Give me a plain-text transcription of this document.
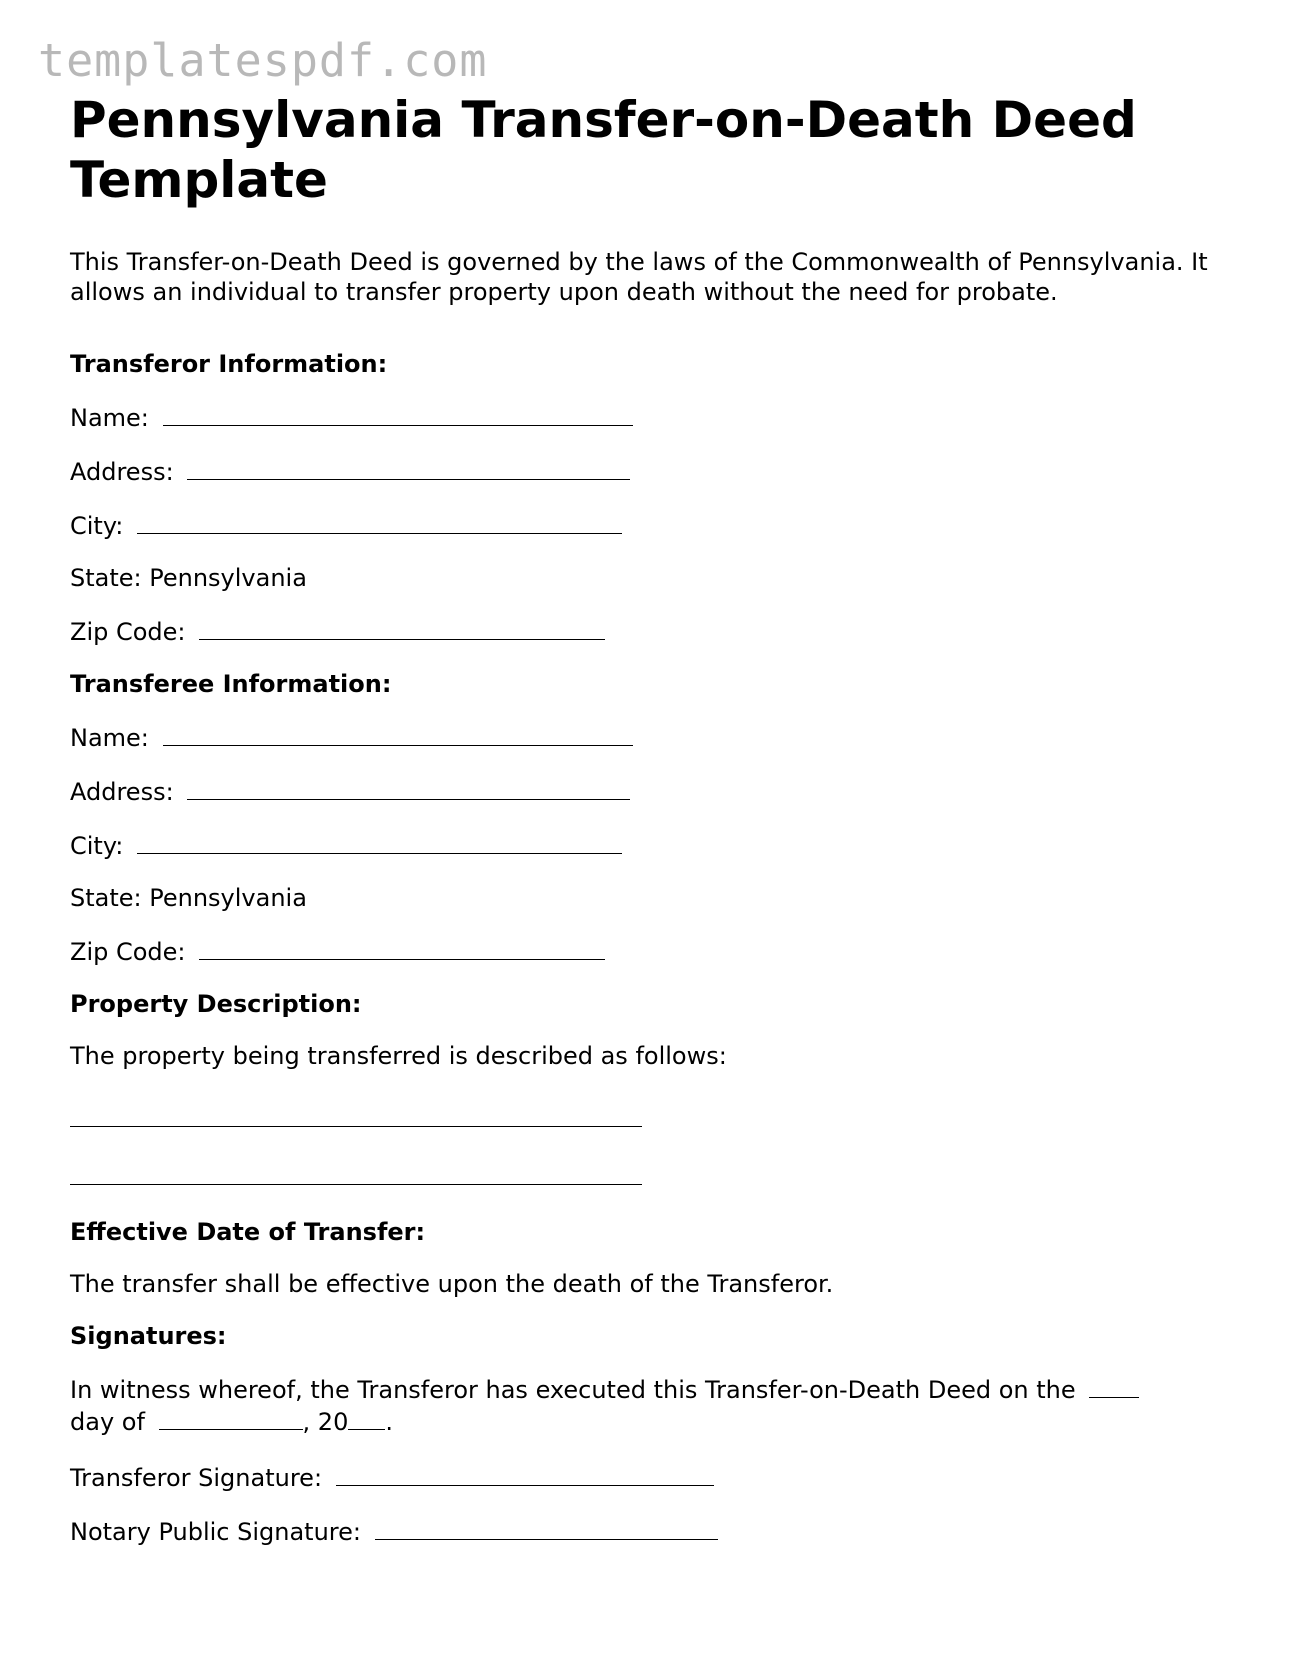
templatespdf.com
Pennsylvania Transfer-on-Death Deed Template

This Transfer-on-Death Deed is governed by the laws of the Commonwealth of Pennsylvania. It allows an individual to transfer property upon death without the need for probate.

Transferor Information:

Name:

Address:

City:

State: Pennsylvania

Zip Code:

Transferee Information:

Name:

Address:

City:

State: Pennsylvania

Zip Code:

Property Description:

The property being transferred is described as follows:

Effective Date of Transfer:

The transfer shall be effective upon the death of the Transferor.

Signatures:

In witness whereof, the Transferor has executed this Transfer-on-Death Deed on the

day of	, 20 .

Transferor Signature:

Notary Public Signature:
